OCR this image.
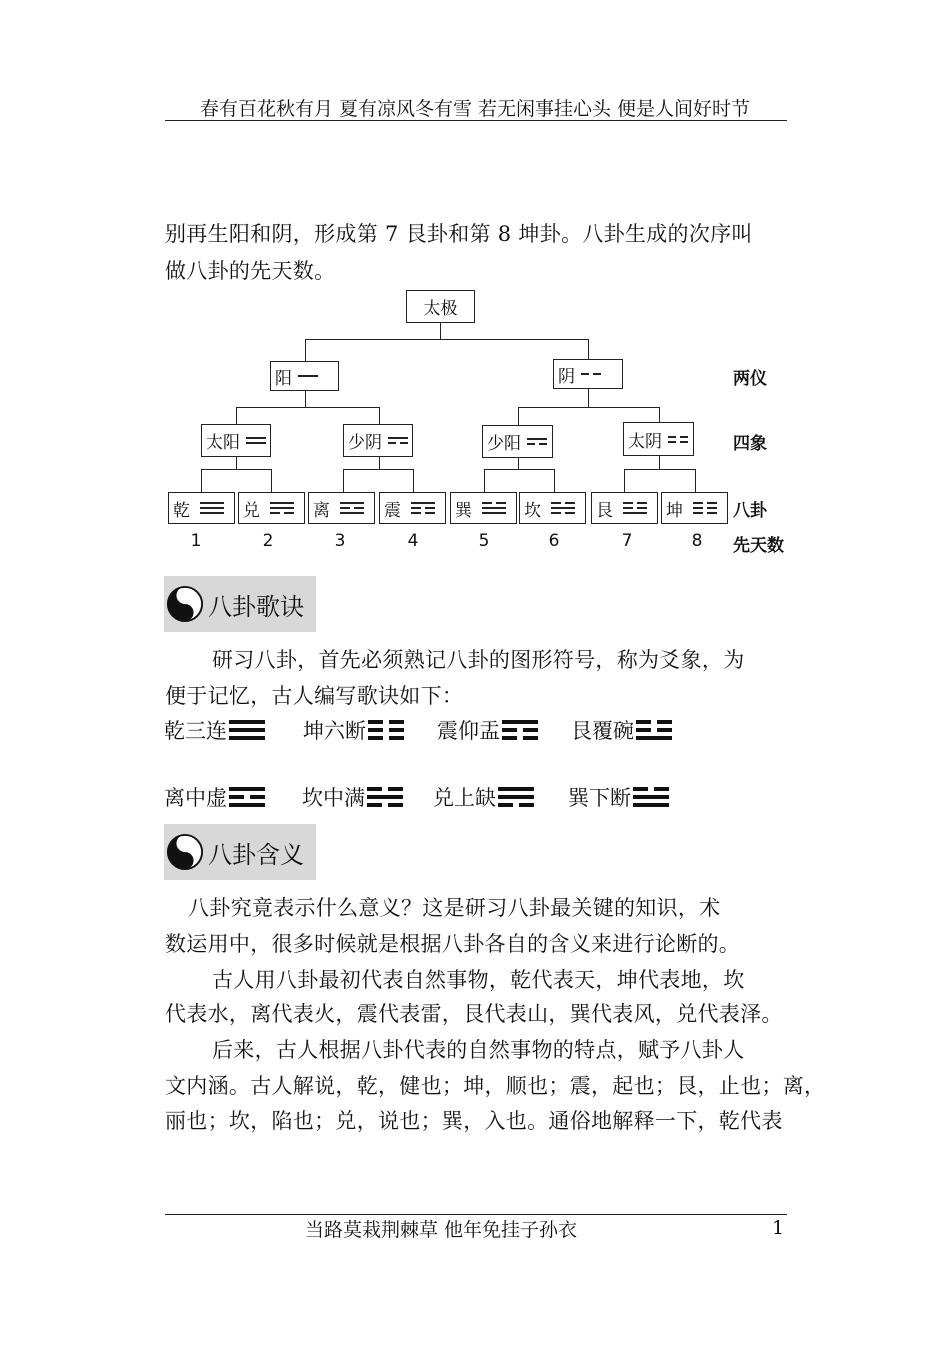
春有百花秋有月 夏有凉风冬有雪 若无闲事挂心头 便是人间好时节
别再生阳和阴，形成第 7 艮卦和第 8 坤卦。八卦生成的次序叫
做八卦的先天数。
太极
阳	阴
太阳	少阴	少阳	太阴
乾	兑	离	震	巽	坎	艮	坤
1	2	3	4	5	6	7	8
两仪
四象
八卦
先天数
八卦歌诀
研习八卦，首先必须熟记八卦的图形符号，称为爻象，为
便于记忆，古人编写歌诀如下：
乾三连	坤六断	震仰盂	艮覆碗
离中虚	坎中满	兑上缺	巽下断
八卦含义
八卦究竟表示什么意义？这是研习八卦最关键的知识，术
数运用中，很多时候就是根据八卦各自的含义来进行论断的。
古人用八卦最初代表自然事物，乾代表天，坤代表地，坎
代表水，离代表火，震代表雷，艮代表山，巽代表风，兑代表泽。
后来，古人根据八卦代表的自然事物的特点，赋予八卦人
文内涵。古人解说，乾，健也；坤，顺也；震，起也；艮，止也；离，
丽也；坎，陷也；兑，说也；巽，入也。通俗地解释一下，乾代表
当路莫栽荆棘草 他年免挂子孙衣	1
